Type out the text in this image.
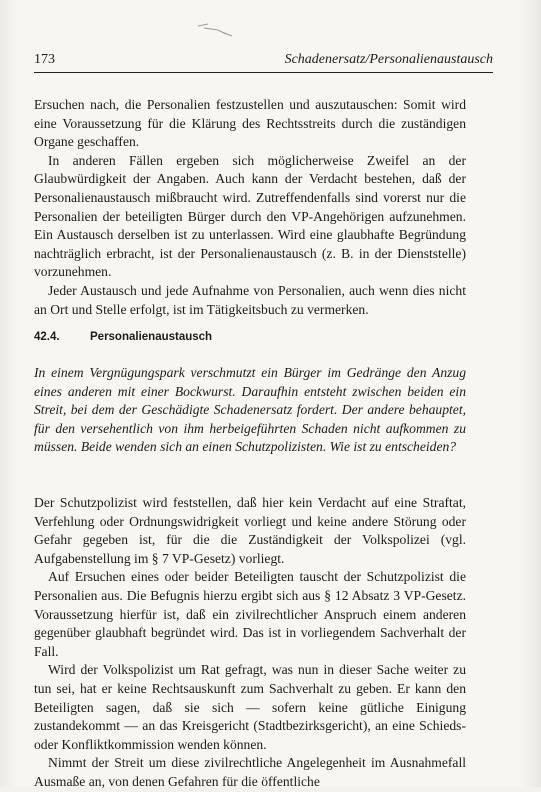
173	Schadenersatz/Personalienaustausch

Ersuchen nach, die Personalien festzustellen und auszutauschen: Somit wird eine Voraussetzung für die Klärung des Rechtsstreits durch die zuständigen Organe geschaffen.

In anderen Fällen ergeben sich möglicherweise Zweifel an der Glaubwürdigkeit der Angaben. Auch kann der Verdacht bestehen, daß der Personalienaustausch mißbraucht wird. Zutreffendenfalls sind vorerst nur die Personalien der beteiligten Bürger durch den VP-Angehörigen aufzunehmen. Ein Austausch derselben ist zu unterlassen. Wird eine glaubhafte Begründung nachträglich erbracht, ist der Personalienaustausch (z. B. in der Dienststelle) vorzunehmen.

Jeder Austausch und jede Aufnahme von Personalien, auch wenn dies nicht an Ort und Stelle erfolgt, ist im Tätigkeitsbuch zu vermerken.

42.4.	Personalienaustausch

In einem Vergnügungspark verschmutzt ein Bürger im Gedränge den Anzug eines anderen mit einer Bockwurst. Daraufhin entsteht zwischen beiden ein Streit, bei dem der Geschädigte Schadenersatz fordert. Der andere behauptet, für den versehentlich von ihm herbeigeführten Schaden nicht aufkommen zu müssen. Beide wenden sich an einen Schutzpolizisten. Wie ist zu entscheiden?

Der Schutzpolizist wird feststellen, daß hier kein Verdacht auf eine Straftat, Verfehlung oder Ordnungswidrigkeit vorliegt und keine andere Störung oder Gefahr gegeben ist, für die die Zuständigkeit der Volkspolizei (vgl. Aufgabenstellung im § 7 VP-Gesetz) vorliegt.

Auf Ersuchen eines oder beider Beteiligten tauscht der Schutzpolizist die Personalien aus. Die Befugnis hierzu ergibt sich aus § 12 Absatz 3 VP-Gesetz. Voraussetzung hierfür ist, daß ein zivilrechtlicher Anspruch einem anderen gegenüber glaubhaft begründet wird. Das ist in vorliegendem Sachverhalt der Fall.

Wird der Volkspolizist um Rat gefragt, was nun in dieser Sache weiter zu tun sei, hat er keine Rechtsauskunft zum Sachverhalt zu geben. Er kann den Beteiligten sagen, daß sie sich — sofern keine gütliche Einigung zustandekommt — an das Kreisgericht (Stadtbezirksgericht), an eine Schieds- oder Konfliktkommission wenden können.

Nimmt der Streit um diese zivilrechtliche Angelegenheit im Ausnahmefall Ausmaße an, von denen Gefahren für die öffentliche
